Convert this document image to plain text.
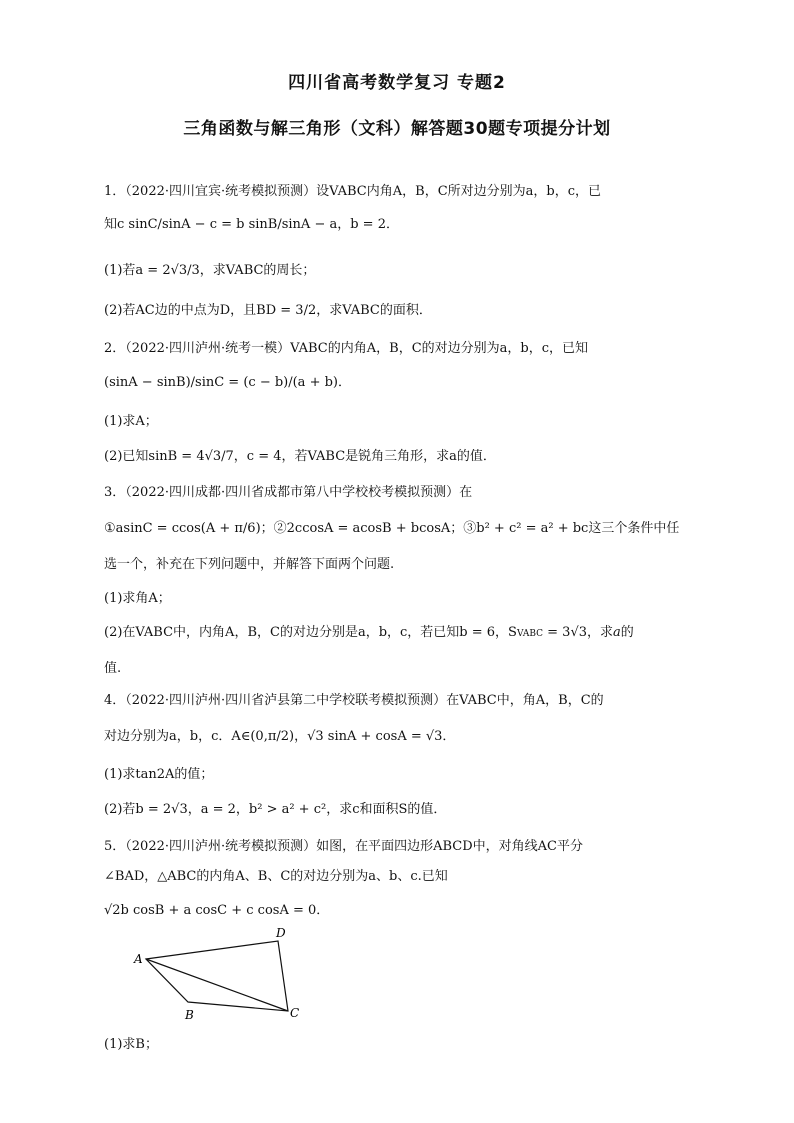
四川省高考数学复习 专题2
三角函数与解三角形（文科）解答题30题专项提分计划
1．（2022·四川宜宾·统考模拟预测）设VABC内角A，B，C所对边分别为a，b，c，已
知c sinC/sinA − c = b sinB/sinA − a，b = 2．
(1)若a = 2√3/3，求VABC的周长；
(2)若AC边的中点为D，且BD = 3/2，求VABC的面积．
2．（2022·四川泸州·统考一模）VABC的内角A，B，C的对边分别为a，b，c，已知
(sinA − sinB)/sinC = (c − b)/(a + b)．
(1)求A；
(2)已知sinB = 4√3/7，c = 4，若VABC是锐角三角形，求a的值．
3．（2022·四川成都·四川省成都市第八中学校校考模拟预测）在
①asinC = ccos(A + π/6)；②2ccosA = acosB + bcosA；③b² + c² = a² + bc这三个条件中任
选一个，补充在下列问题中，并解答下面两个问题.
(1)求角A；
(2)在VABC中，内角A，B，C的对边分别是a，b，c，若已知b = 6，SVABC = 3√3，求a的
值.
4．（2022·四川泸州·四川省泸县第二中学校联考模拟预测）在VABC中，角A，B，C的
对边分别为a，b，c．A∈(0,π/2)，√3 sinA + cosA = √3．
(1)求tan2A的值；
(2)若b = 2√3，a = 2，b² > a² + c²，求c和面积S的值．
5．（2022·四川泸州·统考模拟预测）如图，在平面四边形ABCD中，对角线AC平分
∠BAD，△ABC的内角A、B、C的对边分别为a、b、c.已知
√2b cosB + a cosC + c cosA = 0．
A
B	C
D
(1)求B；
